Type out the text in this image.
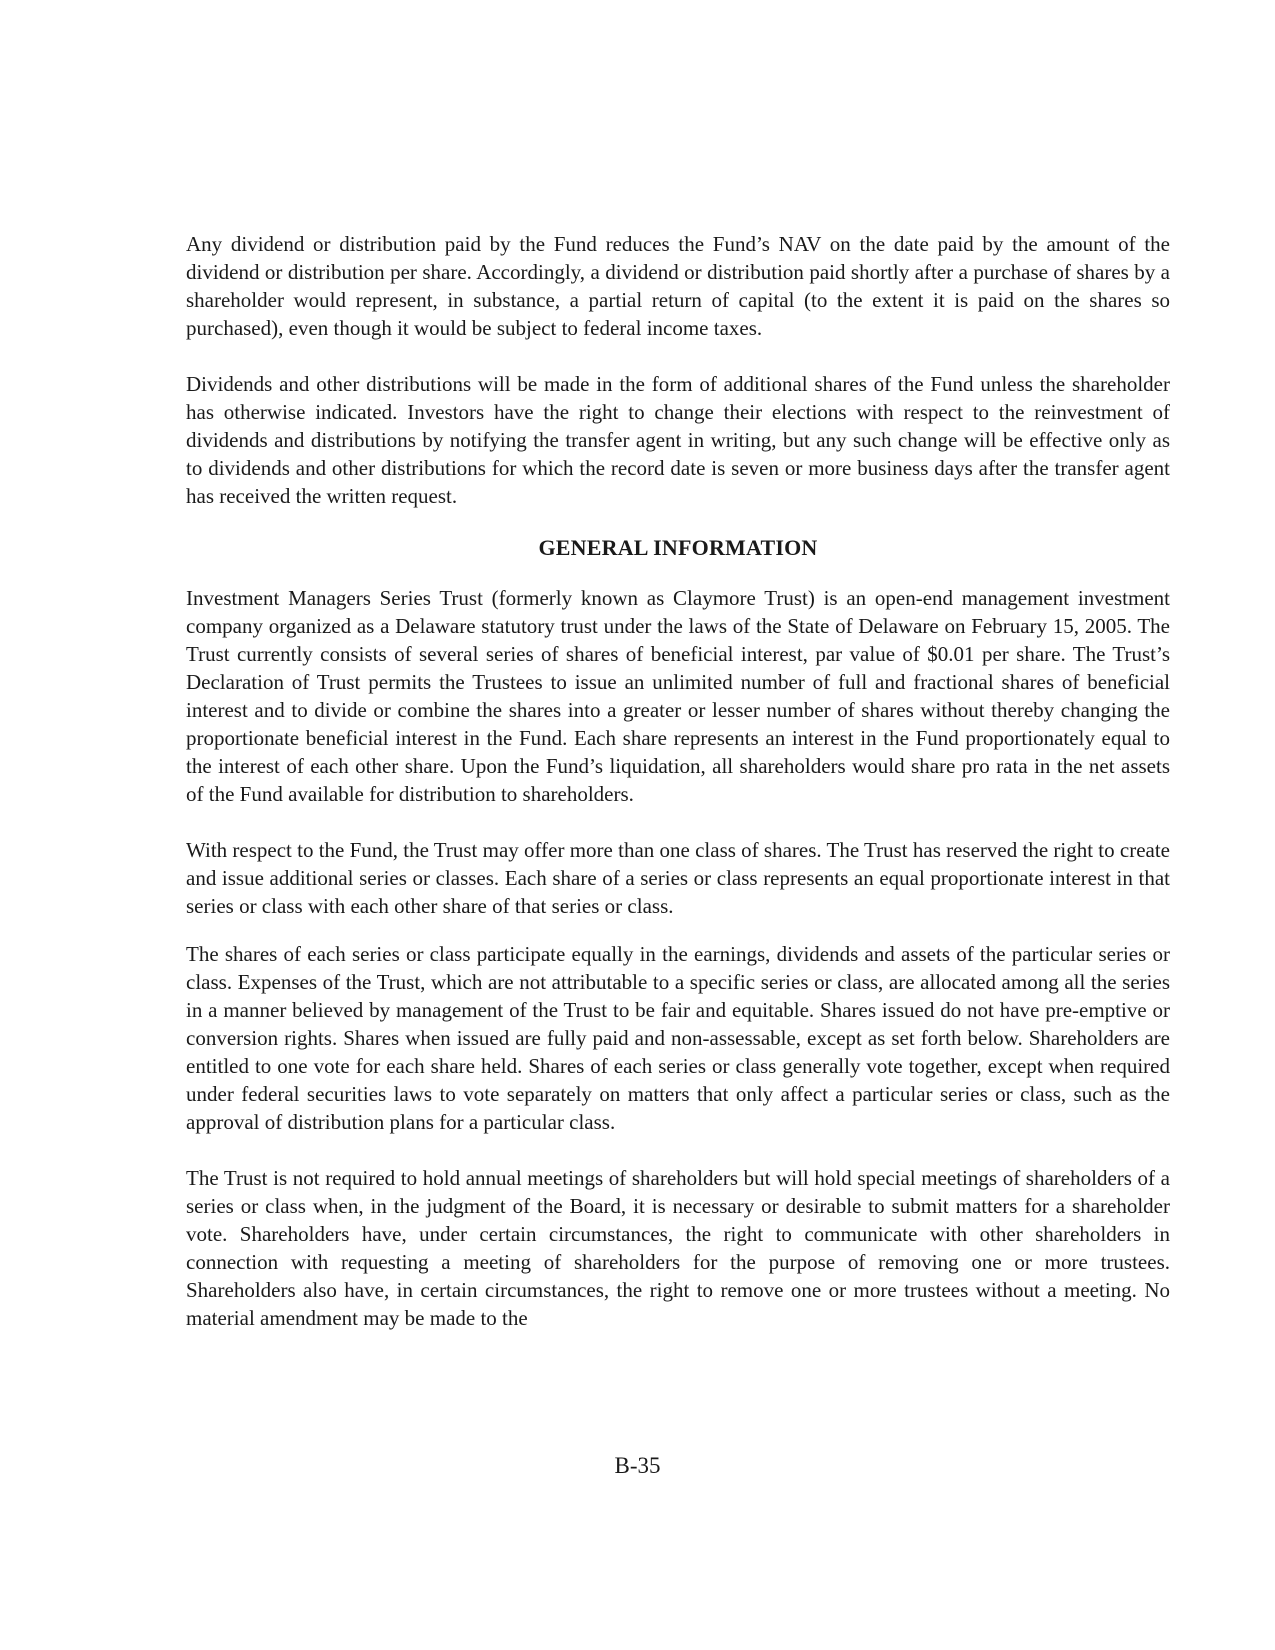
Any dividend or distribution paid by the Fund reduces the Fund’s NAV on the date paid by the amount of the dividend or distribution per share. Accordingly, a dividend or distribution paid shortly after a purchase of shares by a shareholder would represent, in substance, a partial return of capital (to the extent it is paid on the shares so purchased), even though it would be subject to federal income taxes.

Dividends and other distributions will be made in the form of additional shares of the Fund unless the shareholder has otherwise indicated. Investors have the right to change their elections with respect to the reinvestment of dividends and distributions by notifying the transfer agent in writing, but any such change will be effective only as to dividends and other distributions for which the record date is seven or more business days after the transfer agent has received the written request.

GENERAL INFORMATION

Investment Managers Series Trust (formerly known as Claymore Trust) is an open-end management investment company organized as a Delaware statutory trust under the laws of the State of Delaware on February 15, 2005. The Trust currently consists of several series of shares of beneficial interest, par value of $0.01 per share. The Trust’s Declaration of Trust permits the Trustees to issue an unlimited number of full and fractional shares of beneficial interest and to divide or combine the shares into a greater or lesser number of shares without thereby changing the proportionate beneficial interest in the Fund. Each share represents an interest in the Fund proportionately equal to the interest of each other share. Upon the Fund’s liquidation, all shareholders would share pro rata in the net assets of the Fund available for distribution to shareholders.

With respect to the Fund, the Trust may offer more than one class of shares. The Trust has reserved the right to create and issue additional series or classes. Each share of a series or class represents an equal proportionate interest in that series or class with each other share of that series or class.

The shares of each series or class participate equally in the earnings, dividends and assets of the particular series or class. Expenses of the Trust, which are not attributable to a specific series or class, are allocated among all the series in a manner believed by management of the Trust to be fair and equitable. Shares issued do not have pre-emptive or conversion rights. Shares when issued are fully paid and non-assessable, except as set forth below. Shareholders are entitled to one vote for each share held. Shares of each series or class generally vote together, except when required under federal securities laws to vote separately on matters that only affect a particular series or class, such as the approval of distribution plans for a particular class.

The Trust is not required to hold annual meetings of shareholders but will hold special meetings of shareholders of a series or class when, in the judgment of the Board, it is necessary or desirable to submit matters for a shareholder vote. Shareholders have, under certain circumstances, the right to communicate with other shareholders in connection with requesting a meeting of shareholders for the purpose of removing one or more trustees. Shareholders also have, in certain circumstances, the right to remove one or more trustees without a meeting. No material amendment may be made to the

B-35
